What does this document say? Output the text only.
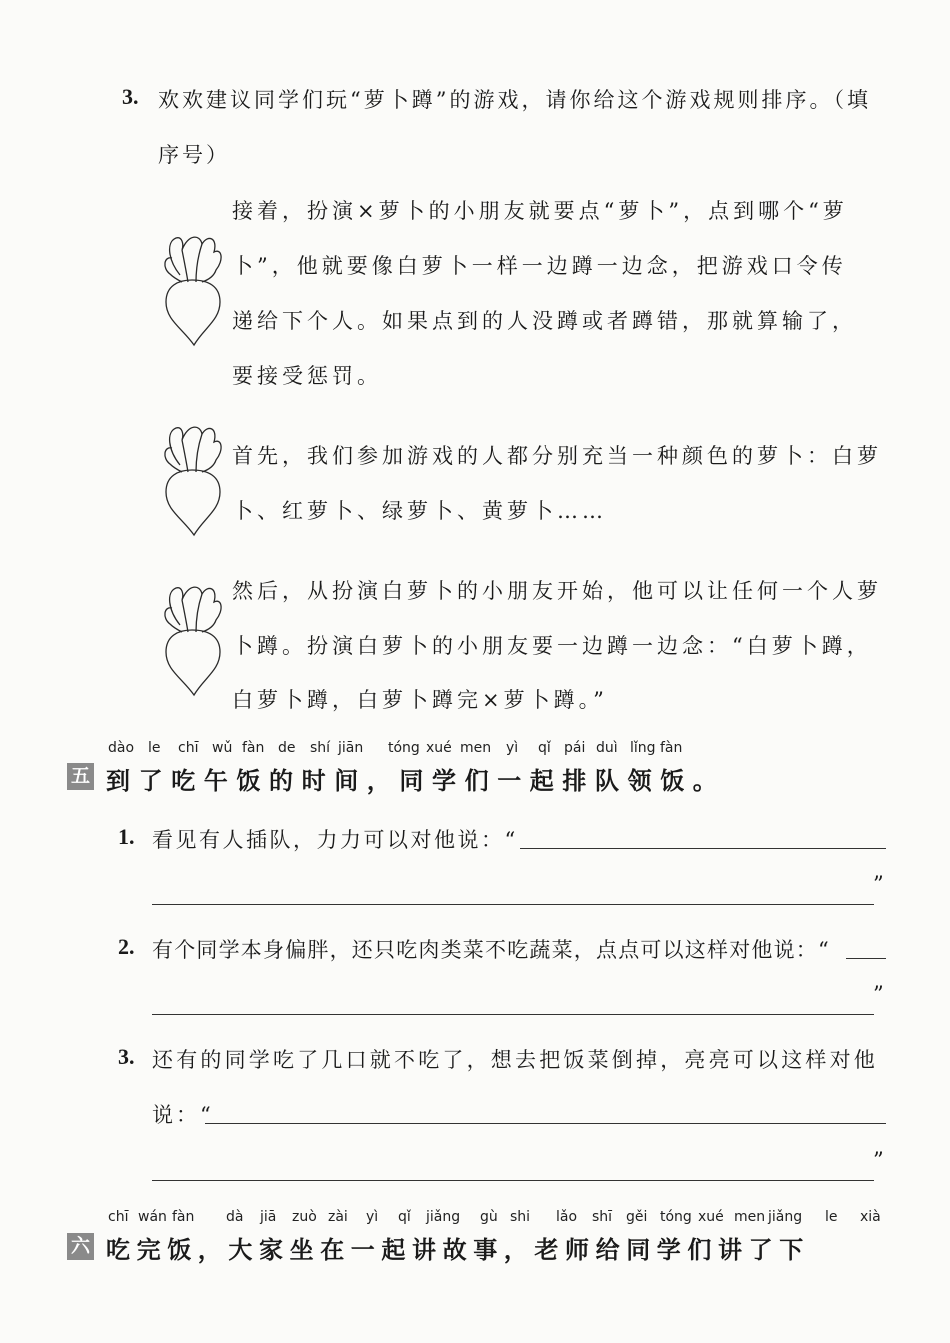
3. 欢欢建议同学们玩“萝卜蹲”的游戏，请你给这个游戏规则排序。（填
序号）
接着，扮演×萝卜的小朋友就要点“萝卜”，点到哪个“萝
卜”，他就要像白萝卜一样一边蹲一边念，把游戏口令传
递给下个人。如果点到的人没蹲或者蹲错，那就算输了，
要接受惩罚。
首先，我们参加游戏的人都分别充当一种颜色的萝卜：白萝
卜、红萝卜、绿萝卜、黄萝卜……
然后，从扮演白萝卜的小朋友开始，他可以让任何一个人萝
卜蹲。扮演白萝卜的小朋友要一边蹲一边念：“白萝卜蹲，
白萝卜蹲，白萝卜蹲完×萝卜蹲。”
dào le chī wǔ fàn de shí jiān tóng xué men yì qǐ pái duì lǐng fàn
五 到了吃午饭的时间，同学们一起排队领饭。
1. 看见有人插队，力力可以对他说：“
”
2. 有个同学本身偏胖，还只吃肉类菜不吃蔬菜，点点可以这样对他说：“
”
3. 还有的同学吃了几口就不吃了，想去把饭菜倒掉，亮亮可以这样对他
说：“
”
chī wán fàn dà jiā zuò zài yì qǐ jiǎng gù shi lǎo shī gěi tóng xué men jiǎng le xià
六 吃完饭，大家坐在一起讲故事，老师给同学们讲了下
